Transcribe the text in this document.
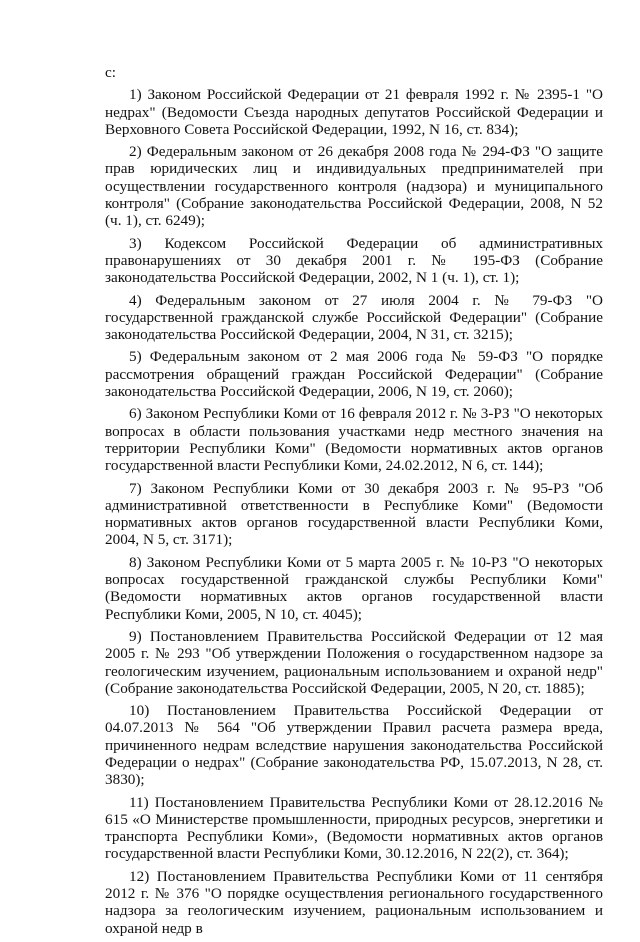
с:

1) Законом Российской Федерации от 21 февраля 1992 г. № 2395-1 "О недрах" (Ведомости Съезда народных депутатов Российской Федерации и Верховного Совета Российской Федерации, 1992, N 16, ст. 834);

2) Федеральным законом от 26 декабря 2008 года № 294-ФЗ "О защите прав юридических лиц и индивидуальных предпринимателей при осуществлении государственного контроля (надзора) и муниципального контроля" (Собрание законодательства Российской Федерации, 2008, N 52 (ч. 1), ст. 6249);

3) Кодексом Российской Федерации об административных правонарушениях от 30 декабря 2001 г. № 195-ФЗ (Собрание законодательства Российской Федерации, 2002, N 1 (ч. 1), ст. 1);

4) Федеральным законом от 27 июля 2004 г. № 79-ФЗ "О государственной гражданской службе Российской Федерации" (Собрание законодательства Российской Федерации, 2004, N 31, ст. 3215);

5) Федеральным законом от 2 мая 2006 года № 59-ФЗ "О порядке рассмотрения обращений граждан Российской Федерации" (Собрание законодательства Российской Федерации, 2006, N 19, ст. 2060);

6) Законом Республики Коми от 16 февраля 2012 г. № 3-РЗ "О некоторых вопросах в области пользования участками недр местного значения на территории Республики Коми" (Ведомости нормативных актов органов государственной власти Республики Коми, 24.02.2012, N 6, ст. 144);

7) Законом Республики Коми от 30 декабря 2003 г. № 95-РЗ "Об административной ответственности в Республике Коми" (Ведомости нормативных актов органов государственной власти Республики Коми, 2004, N 5, ст. 3171);

8) Законом Республики Коми от 5 марта 2005 г. № 10-РЗ "О некоторых вопросах государственной гражданской службы Республики Коми" (Ведомости нормативных актов органов государственной власти Республики Коми, 2005, N 10, ст. 4045);

9) Постановлением Правительства Российской Федерации от 12 мая 2005 г. № 293 "Об утверждении Положения о государственном надзоре за геологическим изучением, рациональным использованием и охраной недр" (Собрание законодательства Российской Федерации, 2005, N 20, ст. 1885);

10) Постановлением Правительства Российской Федерации от 04.07.2013 № 564 "Об утверждении Правил расчета размера вреда, причиненного недрам вследствие нарушения законодательства Российской Федерации о недрах" (Собрание законодательства РФ, 15.07.2013, N 28, ст. 3830);

11) Постановлением Правительства Республики Коми от 28.12.2016 № 615 «О Министерстве промышленности, природных ресурсов, энергетики и транспорта Республики Коми», (Ведомости нормативных актов органов государственной власти Республики Коми, 30.12.2016, N 22(2), ст. 364);

12) Постановлением Правительства Республики Коми от 11 сентября 2012 г. № 376 "О порядке осуществления регионального государственного надзора за геологическим изучением, рациональным использованием и охраной недр в
